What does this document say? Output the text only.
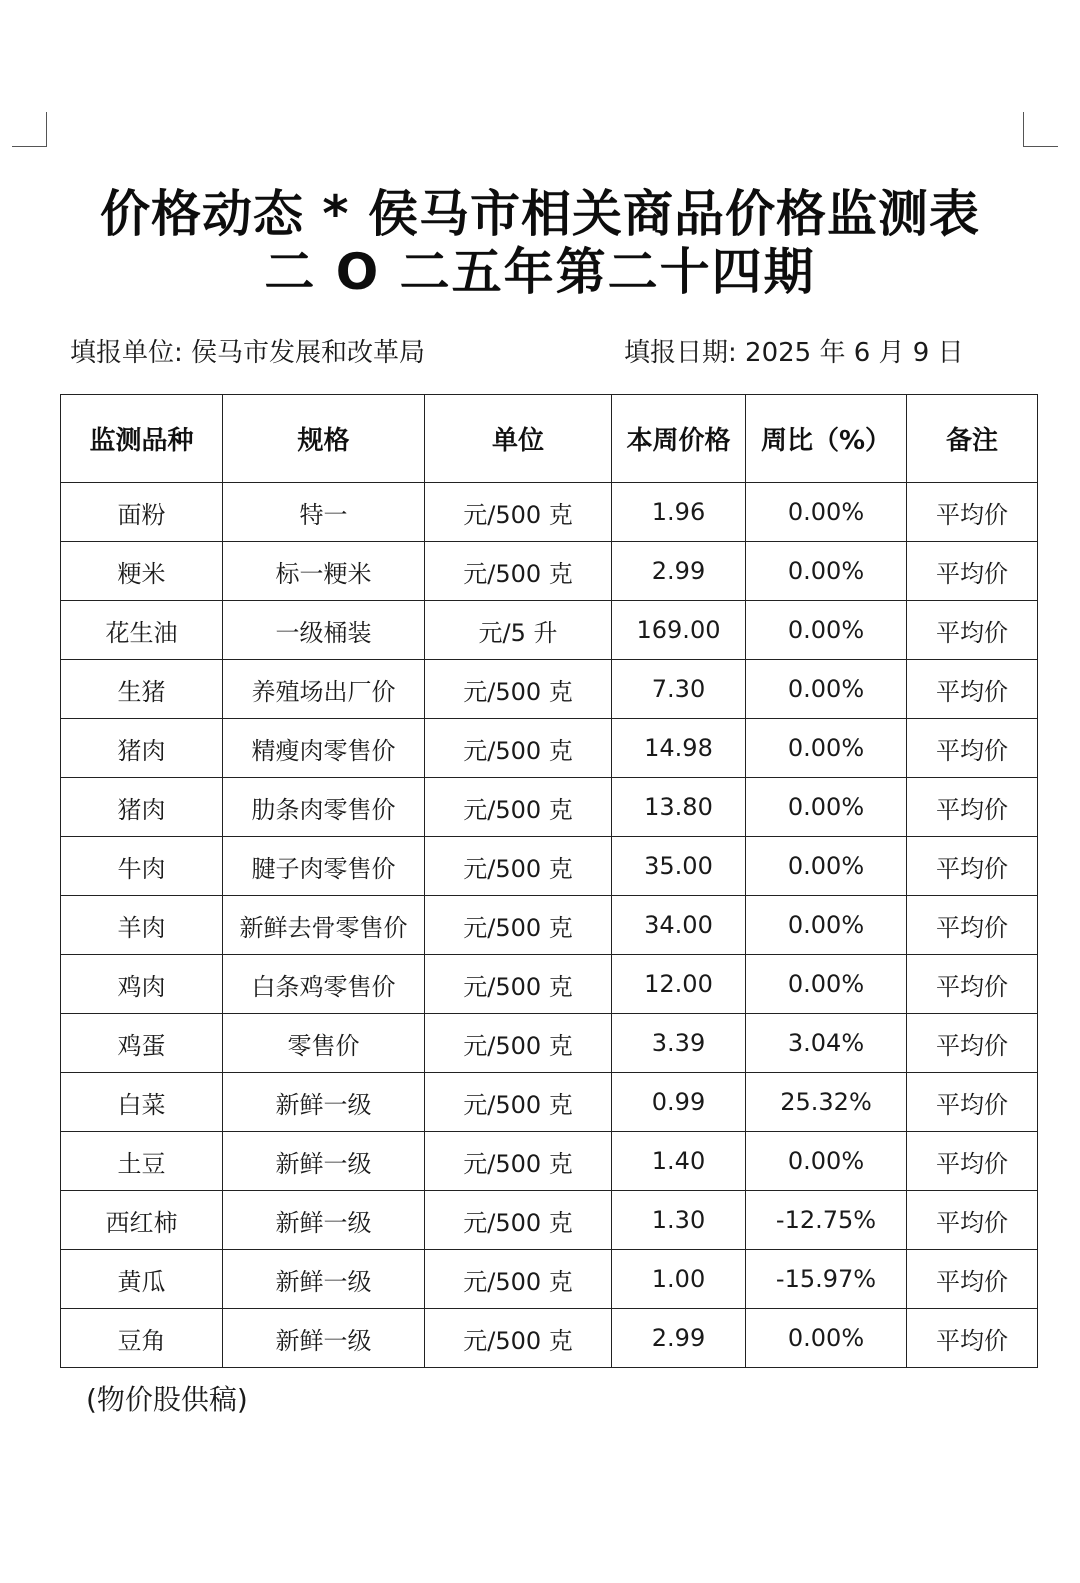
价格动态 * 侯马市相关商品价格监测表
二 O 二五年第二十四期
填报单位: 侯马市发展和改革局	填报日期: 2025 年 6 月 9 日
监测品种	规格	单位	本周价格	周比（%）	备注
面粉	特一	元/500 克	1.96	0.00%	平均价
粳米	标一粳米	元/500 克	2.99	0.00%	平均价
花生油	一级桶装	元/5 升	169.00	0.00%	平均价
生猪	养殖场出厂价	元/500 克	7.30	0.00%	平均价
猪肉	精瘦肉零售价	元/500 克	14.98	0.00%	平均价
猪肉	肋条肉零售价	元/500 克	13.80	0.00%	平均价
牛肉	腱子肉零售价	元/500 克	35.00	0.00%	平均价
羊肉	新鲜去骨零售价	元/500 克	34.00	0.00%	平均价
鸡肉	白条鸡零售价	元/500 克	12.00	0.00%	平均价
鸡蛋	零售价	元/500 克	3.39	3.04%	平均价
白菜	新鲜一级	元/500 克	0.99	25.32%	平均价
土豆	新鲜一级	元/500 克	1.40	0.00%	平均价
西红柿	新鲜一级	元/500 克	1.30	-12.75%	平均价
黄瓜	新鲜一级	元/500 克	1.00	-15.97%	平均价
豆角	新鲜一级	元/500 克	2.99	0.00%	平均价
(物价股供稿)
